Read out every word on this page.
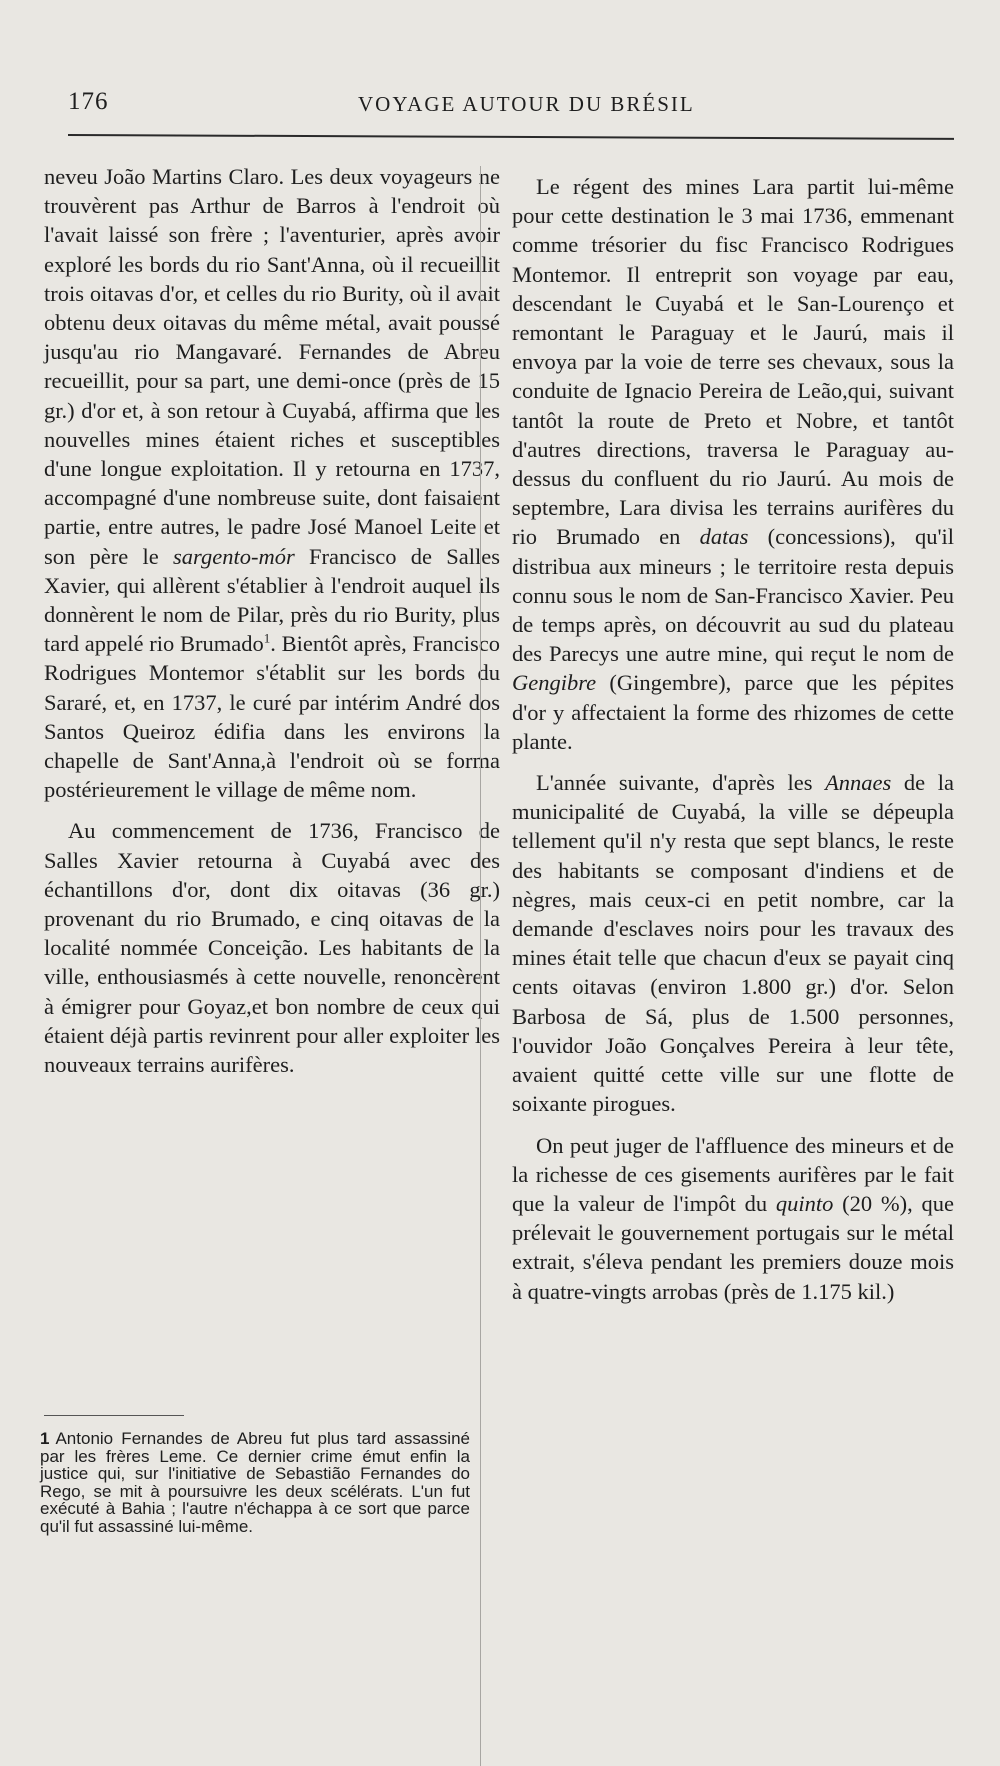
176	VOYAGE AUTOUR DU BRÉSIL

neveu João Martins Claro. Les deux voyageurs ne trouvèrent pas Arthur de Barros à l'endroit où l'avait laissé son frère ; l'aventurier, après avoir exploré les bords du rio Sant'Anna, où il recueillit trois oitavas d'or, et celles du rio Burity, où il avait obtenu deux oitavas du même métal, avait poussé jusqu'au rio Mangavaré. Fernandes de Abreu recueillit, pour sa part, une demi-once (près de 15 gr.) d'or et, à son retour à Cuyabá, affirma que les nouvelles mines étaient riches et susceptibles d'une longue exploitation. Il y retourna en 1737, accompagné d'une nombreuse suite, dont faisaient partie, entre autres, le padre José Manoel Leite et son père le sargento-mór Francisco de Salles Xavier, qui allèrent s'établier à l'endroit auquel ils donnèrent le nom de Pilar, près du rio Burity, plus tard appelé rio Brumado$^1$. Bientôt après, Francisco Rodrigues Montemor s'établit sur les bords du Sararé, et, en 1737, le curé par intérim André dos Santos Queiroz édifia dans les environs la chapelle de Sant'Anna,à l'endroit où se forma postérieurement le village de même nom.

Au commencement de 1736, Francisco de Salles Xavier retourna à Cuyabá avec des échantillons d'or, dont dix oitavas (36 gr.) provenant du rio Brumado, e cinq oitavas de la localité nommée Conceição. Les habitants de la ville, enthousiasmés à cette nouvelle, renoncèrent à émigrer pour Goyaz,et bon nombre de ceux qui étaient déjà partis revinrent pour aller exploiter les nouveaux terrains aurifères.

1 Antonio Fernandes de Abreu fut plus tard assassiné par les frères Leme. Ce dernier crime émut enfin la justice qui, sur l'initiative de Sebastião Fernandes do Rego, se mit à poursuivre les deux scélérats. L'un fut exécuté à Bahia ; l'autre n'échappa à ce sort que parce qu'il fut assassiné lui-même.

Le régent des mines Lara partit lui-même pour cette destination le 3 mai 1736, emmenant comme trésorier du fisc Francisco Rodrigues Montemor. Il entreprit son voyage par eau, descendant le Cuyabá et le San-Lourenço et remontant le Paraguay et le Jaurú, mais il envoya par la voie de terre ses chevaux, sous la conduite de Ignacio Pereira de Leão,qui, suivant tantôt la route de Preto et Nobre, et tantôt d'autres directions, traversa le Paraguay au-dessus du confluent du rio Jaurú. Au mois de septembre, Lara divisa les terrains aurifères du rio Brumado en datas (concessions), qu'il distribua aux mineurs ; le territoire resta depuis connu sous le nom de San-Francisco Xavier. Peu de temps après, on découvrit au sud du plateau des Parecys une autre mine, qui reçut le nom de Gengibre (Gingembre), parce que les pépites d'or y affectaient la forme des rhizomes de cette plante.

L'année suivante, d'après les Annaes de la municipalité de Cuyabá, la ville se dépeupla tellement qu'il n'y resta que sept blancs, le reste des habitants se composant d'indiens et de nègres, mais ceux-ci en petit nombre, car la demande d'esclaves noirs pour les travaux des mines était telle que chacun d'eux se payait cinq cents oitavas (environ 1.800 gr.) d'or. Selon Barbosa de Sá, plus de 1.500 personnes, l'ouvidor João Gonçalves Pereira à leur tête, avaient quitté cette ville sur une flotte de soixante pirogues.

On peut juger de l'affluence des mineurs et de la richesse de ces gisements aurifères par le fait que la valeur de l'impôt du quinto (20 %), que prélevait le gouvernement portugais sur le métal extrait, s'éleva pendant les premiers douze mois à quatre-vingts arrobas (près de 1.175 kil.)
